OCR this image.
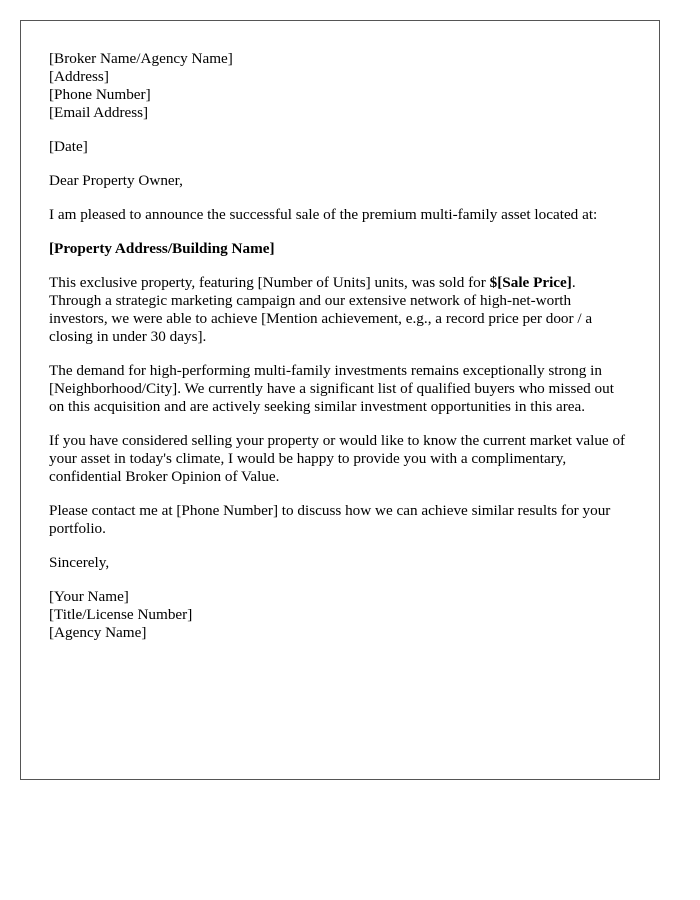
[Broker Name/Agency Name]
[Address]
[Phone Number]
[Email Address]

[Date]

Dear Property Owner,

I am pleased to announce the successful sale of the premium multi-family asset located at:

[Property Address/Building Name]

This exclusive property, featuring [Number of Units] units, was sold for $[Sale Price]. Through a strategic marketing campaign and our extensive network of high-net-worth investors, we were able to achieve [Mention achievement, e.g., a record price per door / a closing in under 30 days].

The demand for high-performing multi-family investments remains exceptionally strong in [Neighborhood/City]. We currently have a significant list of qualified buyers who missed out on this acquisition and are actively seeking similar investment opportunities in this area.

If you have considered selling your property or would like to know the current market value of your asset in today's climate, I would be happy to provide you with a complimentary, confidential Broker Opinion of Value.

Please contact me at [Phone Number] to discuss how we can achieve similar results for your portfolio.

Sincerely,

[Your Name]
[Title/License Number]
[Agency Name]
